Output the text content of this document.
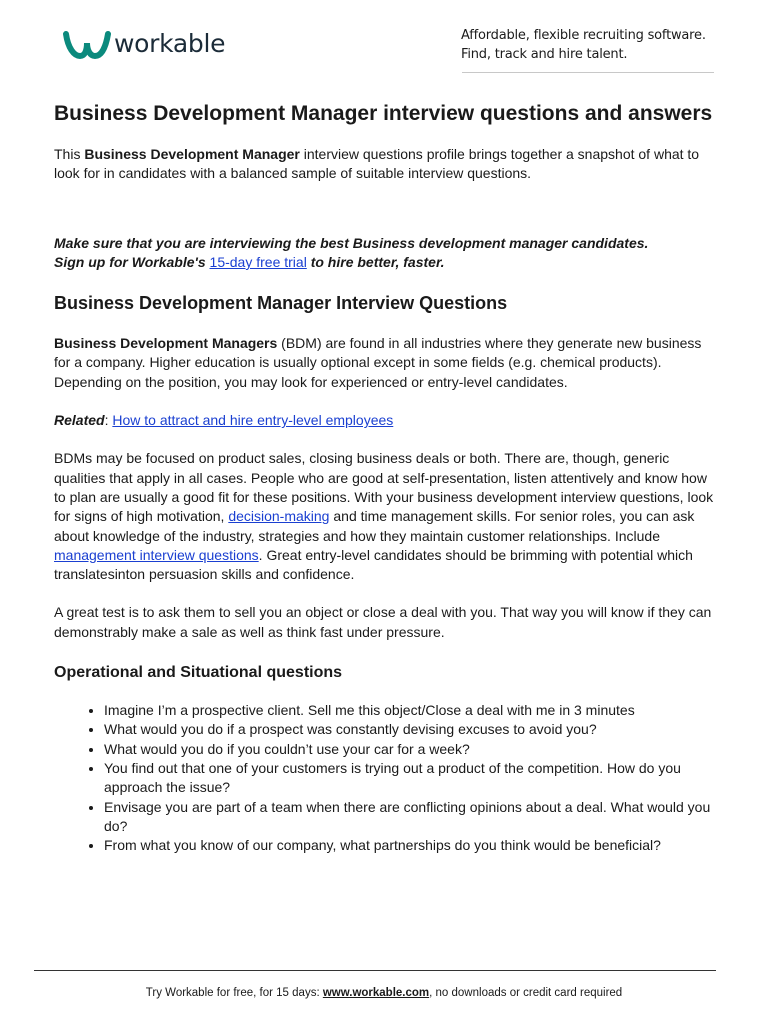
workable	Affordable, flexible recruiting software.
Find, track and hire talent.
Business Development Manager interview questions and answers

This Business Development Manager interview questions profile brings together a snapshot of what to look for in candidates with a balanced sample of suitable interview questions.

Make sure that you are interviewing the best Business development manager candidates.
Sign up for Workable's 15-day free trial to hire better, faster.

Business Development Manager Interview Questions

Business Development Managers (BDM) are found in all industries where they generate new business for a company. Higher education is usually optional except in some fields (e.g. chemical products). Depending on the position, you may look for experienced or entry-level candidates.

Related: How to attract and hire entry-level employees

BDMs may be focused on product sales, closing business deals or both. There are, though, generic qualities that apply in all cases. People who are good at self-presentation, listen attentively and know how to plan are usually a good fit for these positions. With your business development interview questions, look for signs of high motivation, decision-making and time management skills. For senior roles, you can ask about knowledge of the industry, strategies and how they maintain customer relationships. Include management interview questions. Great entry-level candidates should be brimming with potential which translatesinton persuasion skills and confidence.

A great test is to ask them to sell you an object or close a deal with you. That way you will know if they can demonstrably make a sale as well as think fast under pressure.

Operational and Situational questions
• Imagine I’m a prospective client. Sell me this object/Close a deal with me in 3 minutes
• What would you do if a prospect was constantly devising excuses to avoid you?
• What would you do if you couldn’t use your car for a week?
• You find out that one of your customers is trying out a product of the competition. How do you approach the issue?
• Envisage you are part of a team when there are conflicting opinions about a deal. What would you do?
• From what you know of our company, what partnerships do you think would be beneficial?
Try Workable for free, for 15 days: www.workable.com, no downloads or credit card required
